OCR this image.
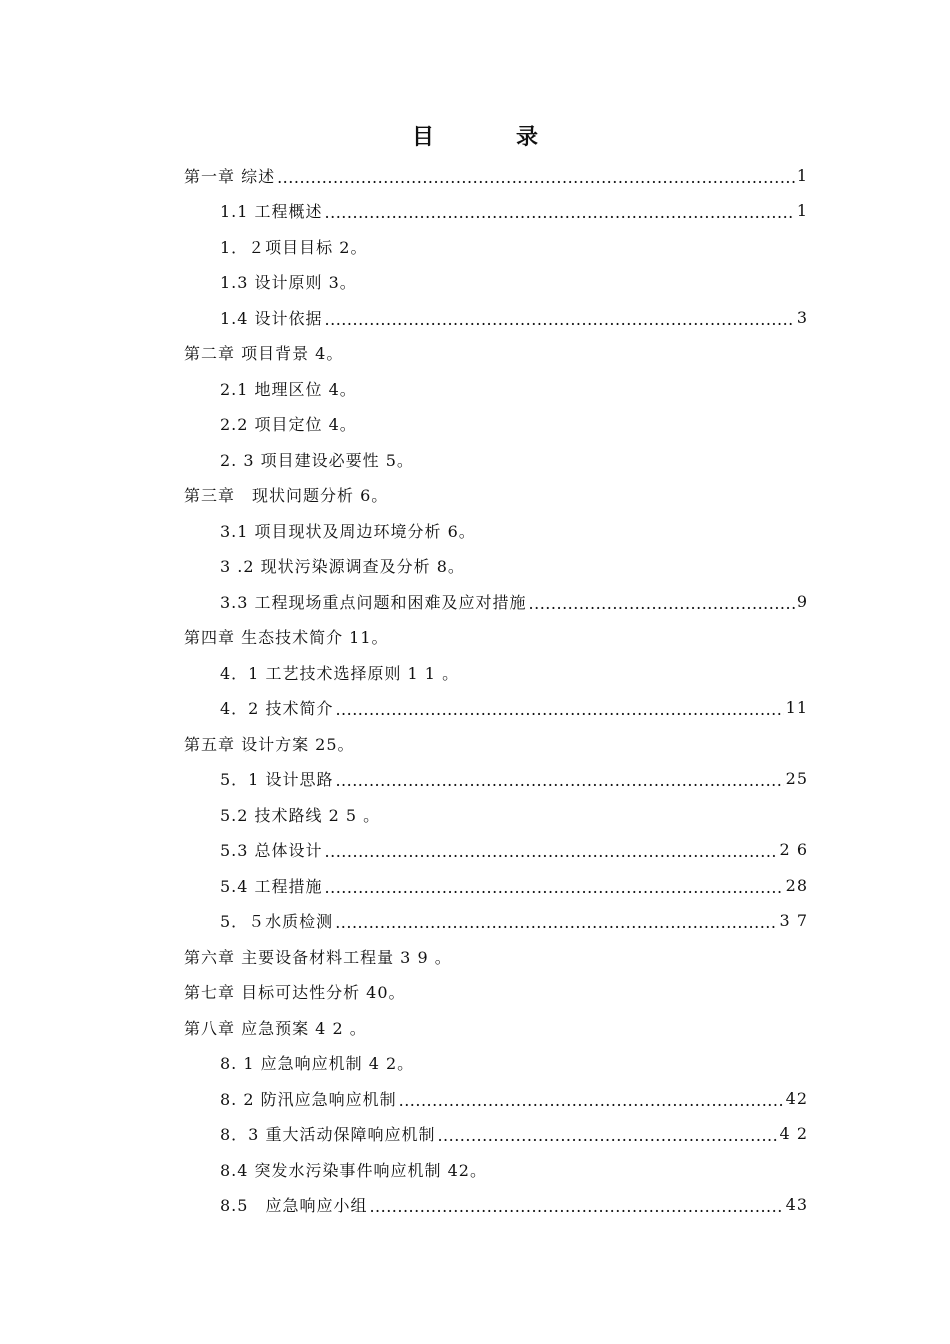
目　录
第一章 综述 .....	1
1.1 工程概述 .....	1
1．２项目目标 2。
1.3 设计原则 3。
1.4 设计依据 .....	3
第二章 项目背景 4。
2.1 地理区位 4。
2.2 项目定位 4。
2. 3 项目建设必要性 5。
第三章　现状问题分析 6。
3.1 项目现状及周边环境分析 6。
3 .2 现状污染源调查及分析 8。
3.3 工程现场重点问题和困难及应对措施 .....	9
第四章 生态技术简介 11。
4．1 工艺技术选择原则 1 1 。
4．2 技术简介 .....	11
第五章 设计方案 25。
5．1 设计思路 .....	25
5.2 技术路线 2 5 。
5.3 总体设计 .....	2 6
5.4 工程措施 .....	28
5．５水质检测 .....	3 7
第六章 主要设备材料工程量 3 9 。
第七章 目标可达性分析 40。
第八章 应急预案 4 2 。
8. 1 应急响应机制 4 2。
8. 2 防汛应急响应机制 .....	42
8．3 重大活动保障响应机制 .....	4 2
8.4 突发水污染事件响应机制 42。
8.5　应急响应小组 .....	43
